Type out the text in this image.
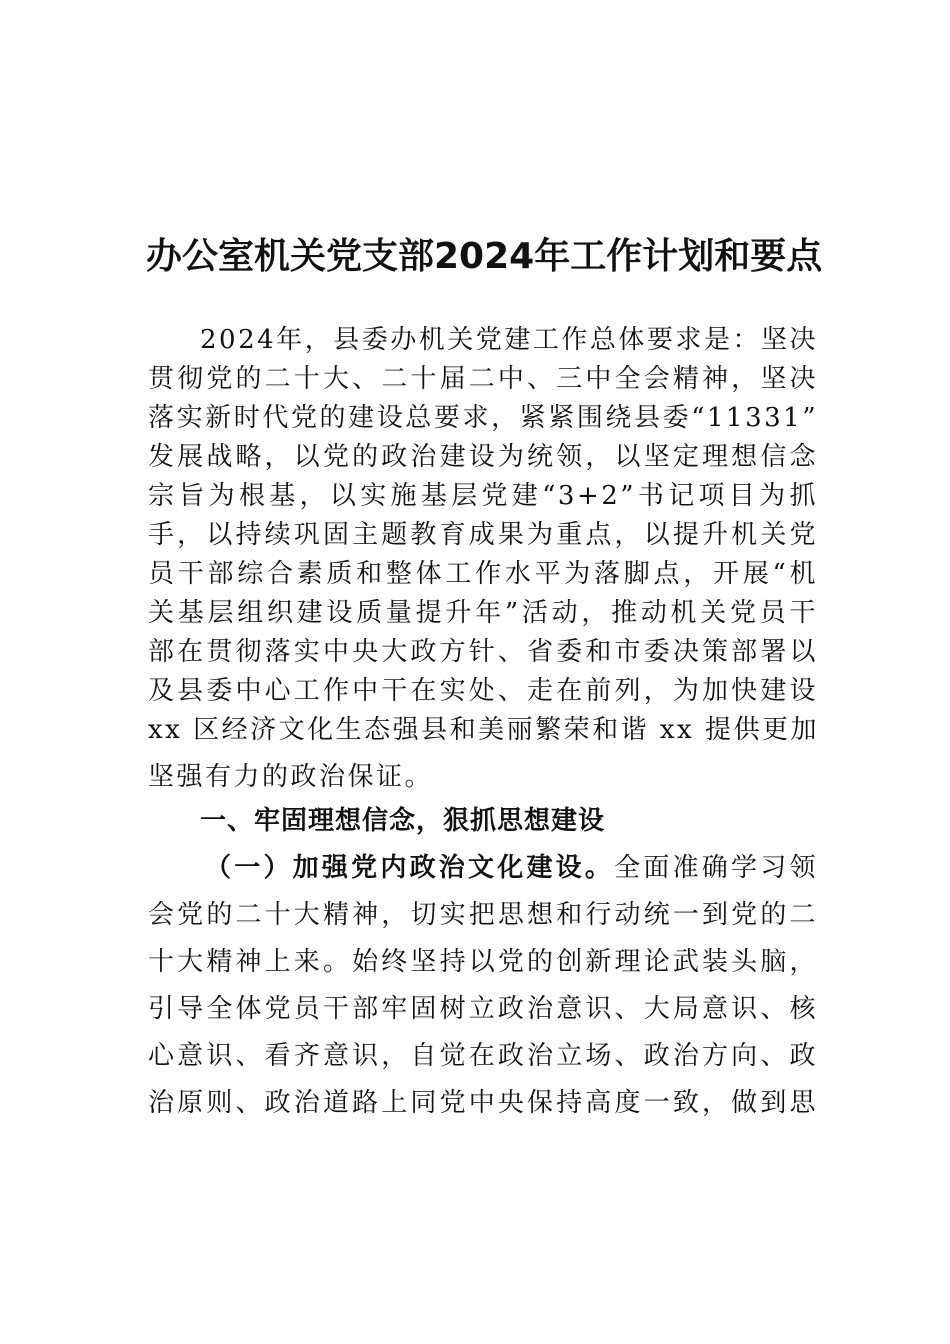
办公室机关党支部2024年工作计划和要点
2024年，县委办机关党建工作总体要求是：坚决
贯彻党的二十大、二十届二中、三中全会精神，坚决
落实新时代党的建设总要求，紧紧围绕县委“11331”
发展战略，以党的政治建设为统领，以坚定理想信念
宗旨为根基，以实施基层党建“3+2”书记项目为抓
手，以持续巩固主题教育成果为重点，以提升机关党
员干部综合素质和整体工作水平为落脚点，开展“机
关基层组织建设质量提升年”活动，推动机关党员干
部在贯彻落实中央大政方针、省委和市委决策部署以
及县委中心工作中干在实处、走在前列，为加快建设
xx 区经济文化生态强县和美丽繁荣和谐 xx 提供更加
坚强有力的政治保证。
一、牢固理想信念，狠抓思想建设
（一）加强党内政治文化建设。全面准确学习领
会党的二十大精神，切实把思想和行动统一到党的二
十大精神上来。始终坚持以党的创新理论武装头脑，
引导全体党员干部牢固树立政治意识、大局意识、核
心意识、看齐意识，自觉在政治立场、政治方向、政
治原则、政治道路上同党中央保持高度一致，做到思
